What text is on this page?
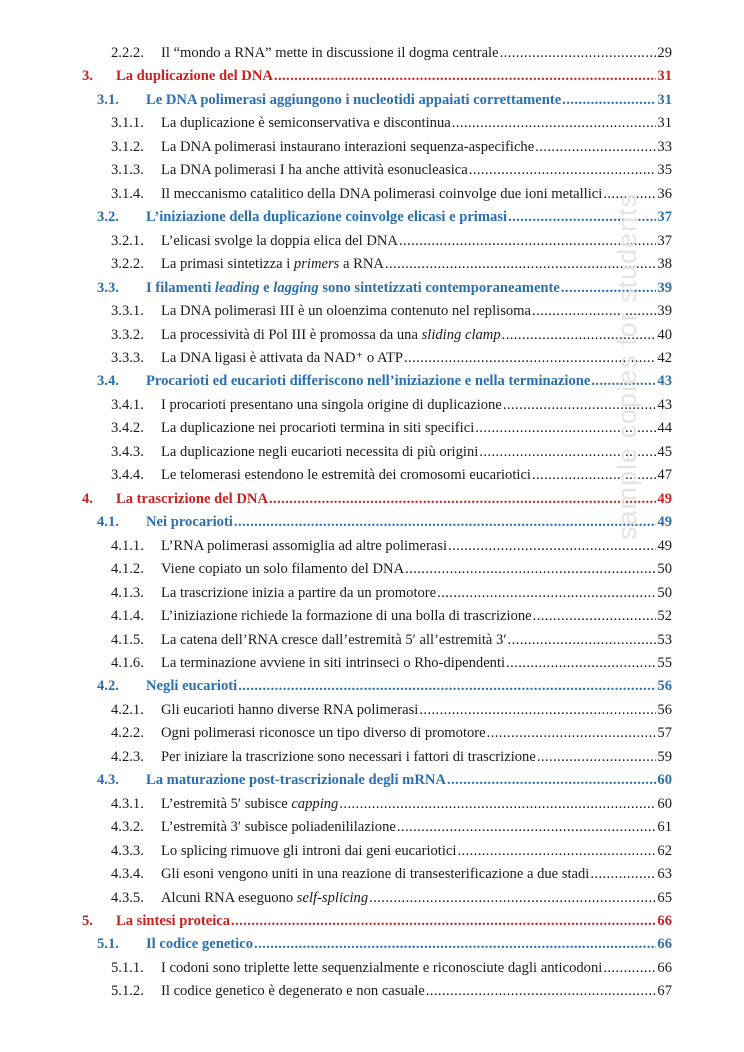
2.2.2.	Il “mondo a RNA” mette in discussione il dogma centrale .....	29
3.	La duplicazione del DNA .....	31
3.1.	Le DNA polimerasi aggiungono i nucleotidi appaiati correttamente .....	31
3.1.1.	La duplicazione è semiconservativa e discontinua .....	31
3.1.2.	La DNA polimerasi instaurano interazioni sequenza-aspecifiche .....	33
3.1.3.	La DNA polimerasi I ha anche attività esonucleasica .....	35
3.1.4.	Il meccanismo catalitico della DNA polimerasi coinvolge due ioni metallici .....	36
3.2.	L’iniziazione della duplicazione coinvolge elicasi e primasi .....	37
3.2.1.	L’elicasi svolge la doppia elica del DNA .....	37
3.2.2.	La primasi sintetizza i primers a RNA .....	38
3.3.	I filamenti leading e lagging sono sintetizzati contemporaneamente .....	39
3.3.1.	La DNA polimerasi III è un oloenzima contenuto nel replisoma .....	39
3.3.2.	La processività di Pol III è promossa da una sliding clamp .....	40
3.3.3.	La DNA ligasi è attivata da NAD⁺ o ATP .....	42
3.4.	Procarioti ed eucarioti differiscono nell’iniziazione e nella terminazione .....	43
3.4.1.	I procarioti presentano una singola origine di duplicazione .....	43
3.4.2.	La duplicazione nei procarioti termina in siti specifici .....	44
3.4.3.	La duplicazione negli eucarioti necessita di più origini .....	45
3.4.4.	Le telomerasi estendono le estremità dei cromosomi eucariotici .....	47
4.	La trascrizione del DNA .....	49
4.1.	Nei procarioti .....	49
4.1.1.	L’RNA polimerasi assomiglia ad altre polimerasi .....	49
4.1.2.	Viene copiato un solo filamento del DNA .....	50
4.1.3.	La trascrizione inizia a partire da un promotore .....	50
4.1.4.	L’iniziazione richiede la formazione di una bolla di trascrizione .....	52
4.1.5.	La catena dell’RNA cresce dall’estremità 5′ all’estremità 3′ .....	53
4.1.6.	La terminazione avviene in siti intrinseci o Rho-dipendenti .....	55
4.2.	Negli eucarioti .....	56
4.2.1.	Gli eucarioti hanno diverse RNA polimerasi .....	56
4.2.2.	Ogni polimerasi riconosce un tipo diverso di promotore .....	57
4.2.3.	Per iniziare la trascrizione sono necessari i fattori di trascrizione .....	59
4.3.	La maturazione post-trascrizionale degli mRNA .....	60
4.3.1.	L’estremità 5′ subisce capping .....	60
4.3.2.	L’estremità 3′ subisce poliadenililazione .....	61
4.3.3.	Lo splicing rimuove gli introni dai geni eucariotici .....	62
4.3.4.	Gli esoni vengono uniti in una reazione di transesterificazione a due stadi .....	63
4.3.5.	Alcuni RNA eseguono self-splicing .....	65
5.	La sintesi proteica .....	66
5.1.	Il codice genetico .....	66
5.1.1.	I codoni sono triplette lette sequenzialmente e riconosciute dagli anticodoni .....	66
5.1.2.	Il codice genetico è degenerato e non casuale .....	67
sample copies for students
